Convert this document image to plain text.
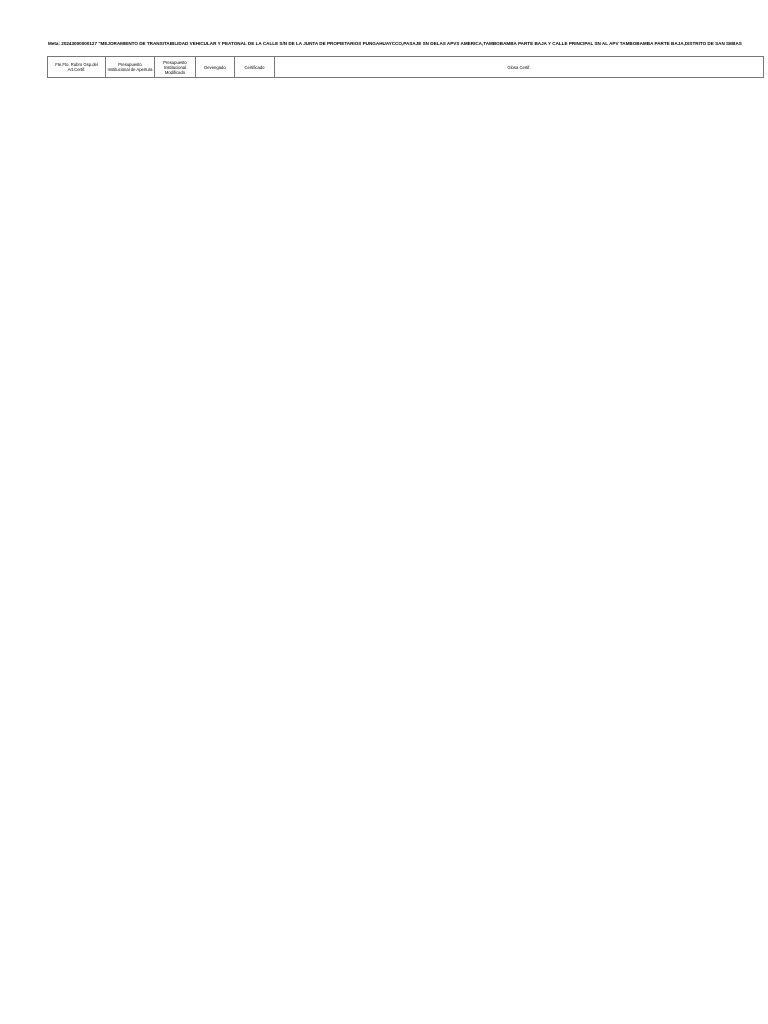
Meta: 20243000000127 "MEJORAMIENTO DE TRANSITABILIDAD VEHICULAR Y PEATONAL DE LA CALLE S/N DE LA JUNTA DE PROPIETARIOS PUNGAHUAYCCO,PASAJE SN DELAS APVS AMERICA,TAMBOBAMBA PARTE BAJA Y CALLE PRINCIPAL SN AL APV TAMBOBAMBA PARTE BAJA,DISTRITO DE SAN SEBAS
Fte.Fto. Rubro Gsp.del Art.Certif.	Presupuesto Institucional de Apertura	Presupuesto Institucional Modificado	Devengado	Certificado	Glosa Certif.
